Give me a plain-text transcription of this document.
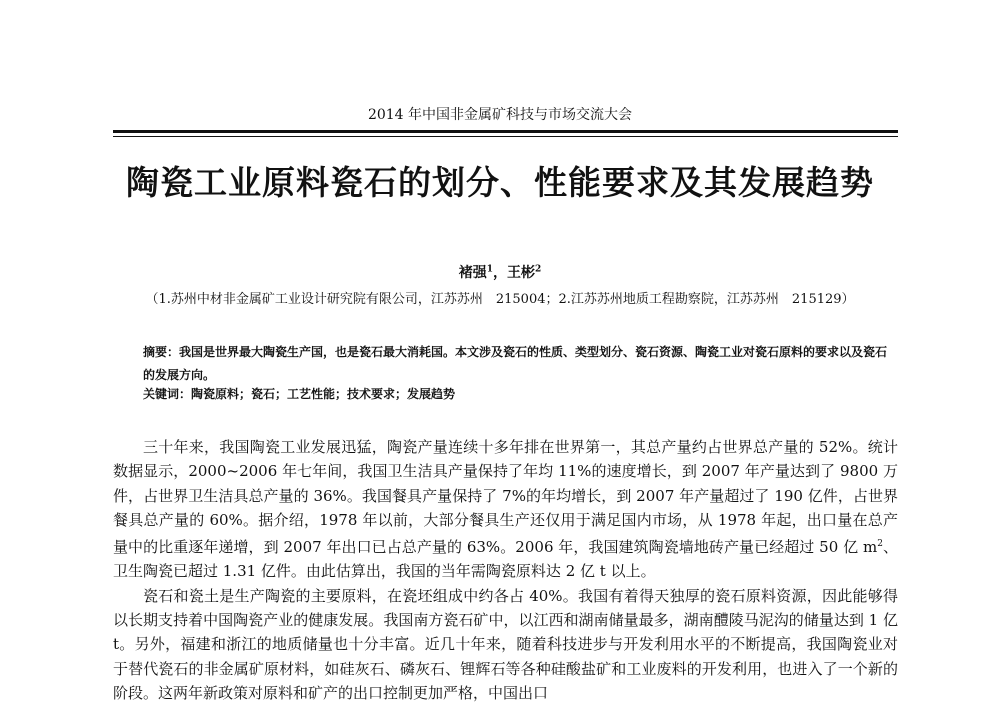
2014 年中国非金属矿科技与市场交流大会
陶瓷工业原料瓷石的划分、性能要求及其发展趋势
褚强$^1$，王彬$^2$
（1.苏州中材非金属矿工业设计研究院有限公司，江苏苏州　215004；2.江苏苏州地质工程勘察院，江苏苏州　215129）

摘要：我国是世界最大陶瓷生产国，也是瓷石最大消耗国。本文涉及瓷石的性质、类型划分、瓷石资源、陶瓷工业对瓷石原料的要求以及瓷石的发展方向。

关键词：陶瓷原料；瓷石；工艺性能；技术要求；发展趋势

三十年来，我国陶瓷工业发展迅猛，陶瓷产量连续十多年排在世界第一，其总产量约占世界总产量的 52%。统计数据显示，2000~2006 年七年间，我国卫生洁具产量保持了年均 11%的速度增长，到 2007 年产量达到了 9800 万件，占世界卫生洁具总产量的 36%。我国餐具产量保持了 7%的年均增长，到 2007 年产量超过了 190 亿件，占世界餐具总产量的 60%。据介绍，1978 年以前，大部分餐具生产还仅用于满足国内市场，从 1978 年起，出口量在总产量中的比重逐年递增，到 2007 年出口已占总产量的 63%。2006 年，我国建筑陶瓷墙地砖产量已经超过 50 亿 $m^2$、卫生陶瓷已超过 1.31 亿件。由此估算出，我国的当年需陶瓷原料达 2 亿 t 以上。

瓷石和瓷土是生产陶瓷的主要原料，在瓷坯组成中约各占 40%。我国有着得天独厚的瓷石原料资源，因此能够得以长期支持着中国陶瓷产业的健康发展。我国南方瓷石矿中，以江西和湖南储量最多，湖南醴陵马泥沟的储量达到 1 亿 t。另外，福建和浙江的地质储量也十分丰富。近几十年来，随着科技进步与开发利用水平的不断提高，我国陶瓷业对于替代瓷石的非金属矿原材料，如硅灰石、磷灰石、锂辉石等各种硅酸盐矿和工业废料的开发利用，也进入了一个新的阶段。这两年新政策对原料和矿产的出口控制更加严格，中国出口
